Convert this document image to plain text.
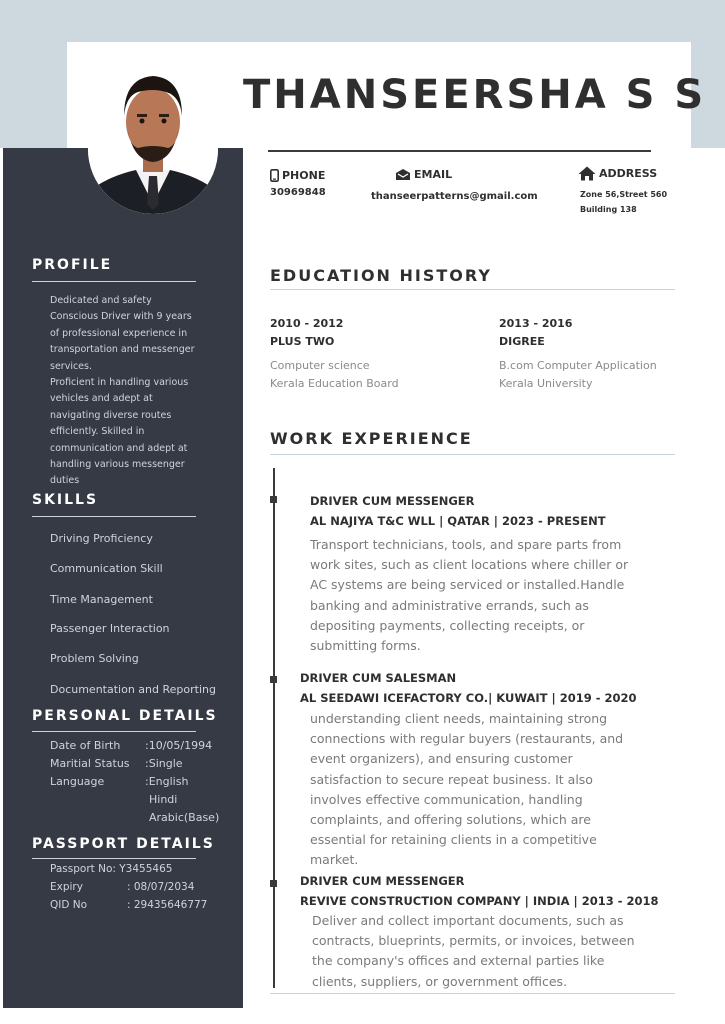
THANSEERSHA S S
PHONE
30969848
EMAIL
thanseerpatterns@gmail.com
ADDRESS
Zone 56,Street 560
Building 138
PROFILE
Dedicated and safety
Conscious Driver with 9 years
of professional experience in
transportation and messenger
services.
Proficient in handling various
vehicles and adept at
navigating diverse routes
efficiently. Skilled in
communication and adept at
handling various messenger
duties
SKILLS
Driving Proficiency
Communication Skill
Time Management
Passenger Interaction
Problem Solving
Documentation and Reporting
PERSONAL DETAILS
Date of Birth :10/05/1994
Maritial Status :Single
Language	:English
Hindi
Arabic(Base)
PASSPORT DETAILS
Passport No: Y3455465
Expiry	: 08/07/2034
QID No	: 29435646777
EDUCATION HISTORY
2010 - 2012
PLUS TWO
Computer science
Kerala Education Board
2013 - 2016
DIGREE
B.com Computer Application
Kerala University
WORK EXPERIENCE
DRIVER CUM MESSENGER
AL NAJIYA T&C WLL | QATAR | 2023 - PRESENT
Transport technicians, tools, and spare parts from
work sites, such as client locations where chiller or
AC systems are being serviced or installed.Handle
banking and administrative errands, such as
depositing payments, collecting receipts, or
submitting forms.
DRIVER CUM SALESMAN
AL SEEDAWI ICEFACTORY CO.| KUWAIT | 2019 - 2020
understanding client needs, maintaining strong
connections with regular buyers (restaurants, and
event organizers), and ensuring customer
satisfaction to secure repeat business. It also
involves effective communication, handling
complaints, and offering solutions, which are
essential for retaining clients in a competitive
market.
DRIVER CUM MESSENGER
REVIVE CONSTRUCTION COMPANY | INDIA | 2013 - 2018
Deliver and collect important documents, such as
contracts, blueprints, permits, or invoices, between
the company's offices and external parties like
clients, suppliers, or government offices.
